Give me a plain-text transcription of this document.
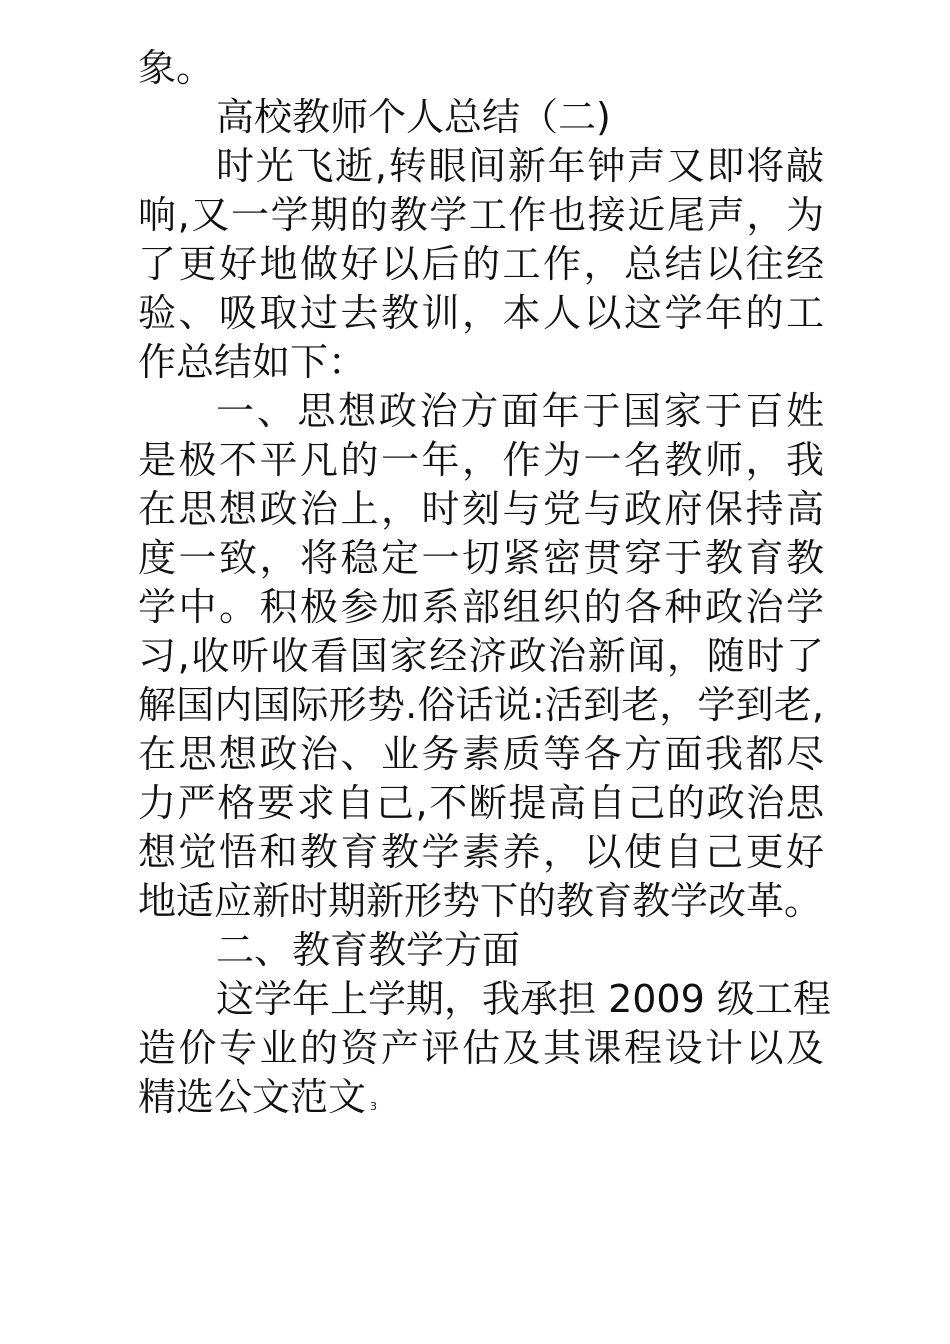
象。
高校教师个人总结（二)
时光飞逝,转眼间新年钟声又即将敲
响,又一学期的教学工作也接近尾声，为
了更好地做好以后的工作，总结以往经
验、吸取过去教训，本人以这学年的工
作总结如下：
一、思想政治方面年于国家于百姓
是极不平凡的一年，作为一名教师，我
在思想政治上，时刻与党与政府保持高
度一致，将稳定一切紧密贯穿于教育教
学中。积极参加系部组织的各种政治学
习,收听收看国家经济政治新闻，随时了
解国内国际形势.俗话说:活到老，学到老,
在思想政治、业务素质等各方面我都尽
力严格要求自己,不断提高自己的政治思
想觉悟和教育教学素养，以使自己更好
地适应新时期新形势下的教育教学改革。
二、教育教学方面
这学年上学期，我承担 2009 级工程
造价专业的资产评估及其课程设计以及
精选公文范文 3
